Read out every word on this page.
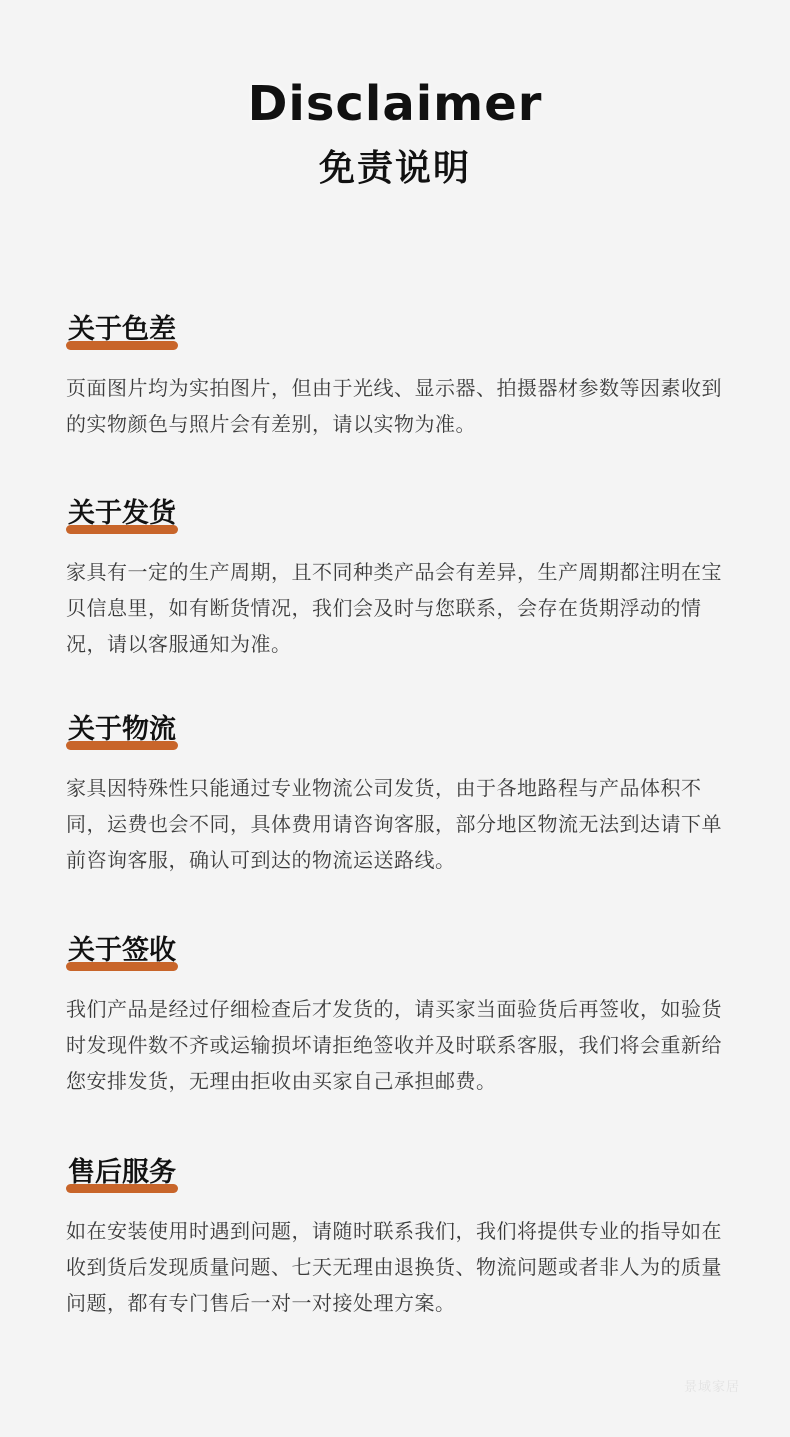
Disclaimer
免责说明
关于色差
页面图片均为实拍图片，但由于光线、显示器、拍摄器材参数等因素收到的实物颜色与照片会有差别，请以实物为准。
关于发货
家具有一定的生产周期，且不同种类产品会有差异，生产周期都注明在宝贝信息里，如有断货情况，我们会及时与您联系，会存在货期浮动的情况，请以客服通知为准。
关于物流
家具因特殊性只能通过专业物流公司发货，由于各地路程与产品体积不同，运费也会不同，具体费用请咨询客服，部分地区物流无法到达请下单前咨询客服，确认可到达的物流运送路线。
关于签收
我们产品是经过仔细检查后才发货的，请买家当面验货后再签收，如验货时发现件数不齐或运输损坏请拒绝签收并及时联系客服，我们将会重新给您安排发货，无理由拒收由买家自己承担邮费。
售后服务
如在安装使用时遇到问题，请随时联系我们，我们将提供专业的指导如在收到货后发现质量问题、七天无理由退换货、物流问题或者非人为的质量问题，都有专门售后一对一对接处理方案。
景域家居
